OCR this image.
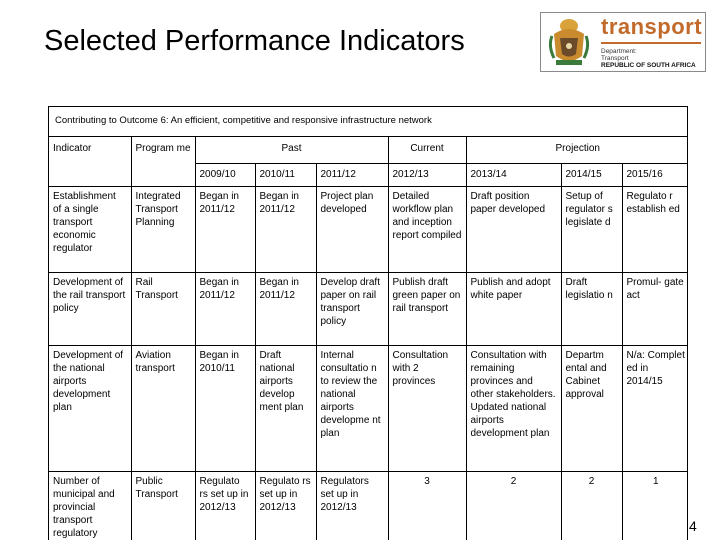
Selected Performance Indicators	transport
Department:
Transport
REPUBLIC OF SOUTH AFRICA
Contributing to Outcome 6: An efficient, competitive and responsive infrastructure network
Indicator	Program me	Past			Current	Projection		
		2009/10	2010/11	2011/12	2012/13	2013/14	2014/15	2015/16
Establishment of a single transport economic regulator	Integrated Transport Planning	Began in 2011/12	Began in 2011/12	Project plan developed	Detailed workflow plan and inception report compiled	Draft position paper developed	Setup of regulator s legislate d	Regulato r establish ed
Development of the rail transport policy	Rail Transport	Began in 2011/12	Began in 2011/12	Develop draft paper on rail transport policy	Publish draft green paper on rail transport	Publish and adopt white paper	Draft legislatio n	Promul- gate act
Development of the national airports development plan	Aviation transport	Began in 2010/11	Draft national airports develop ment plan	Internal consultatio n to review the national airports developme nt plan	Consultation with 2 provinces	Consultation with remaining provinces and other stakeholders. Updated national airports development plan	Departm ental and Cabinet approval	N/a: Complet ed in 2014/15
Number of municipal and provincial transport regulatory	Public Transport	Regulato rs set up in 2012/13	Regulato rs set up in 2012/13	Regulators set up in 2012/13	3	2	2	1
4
